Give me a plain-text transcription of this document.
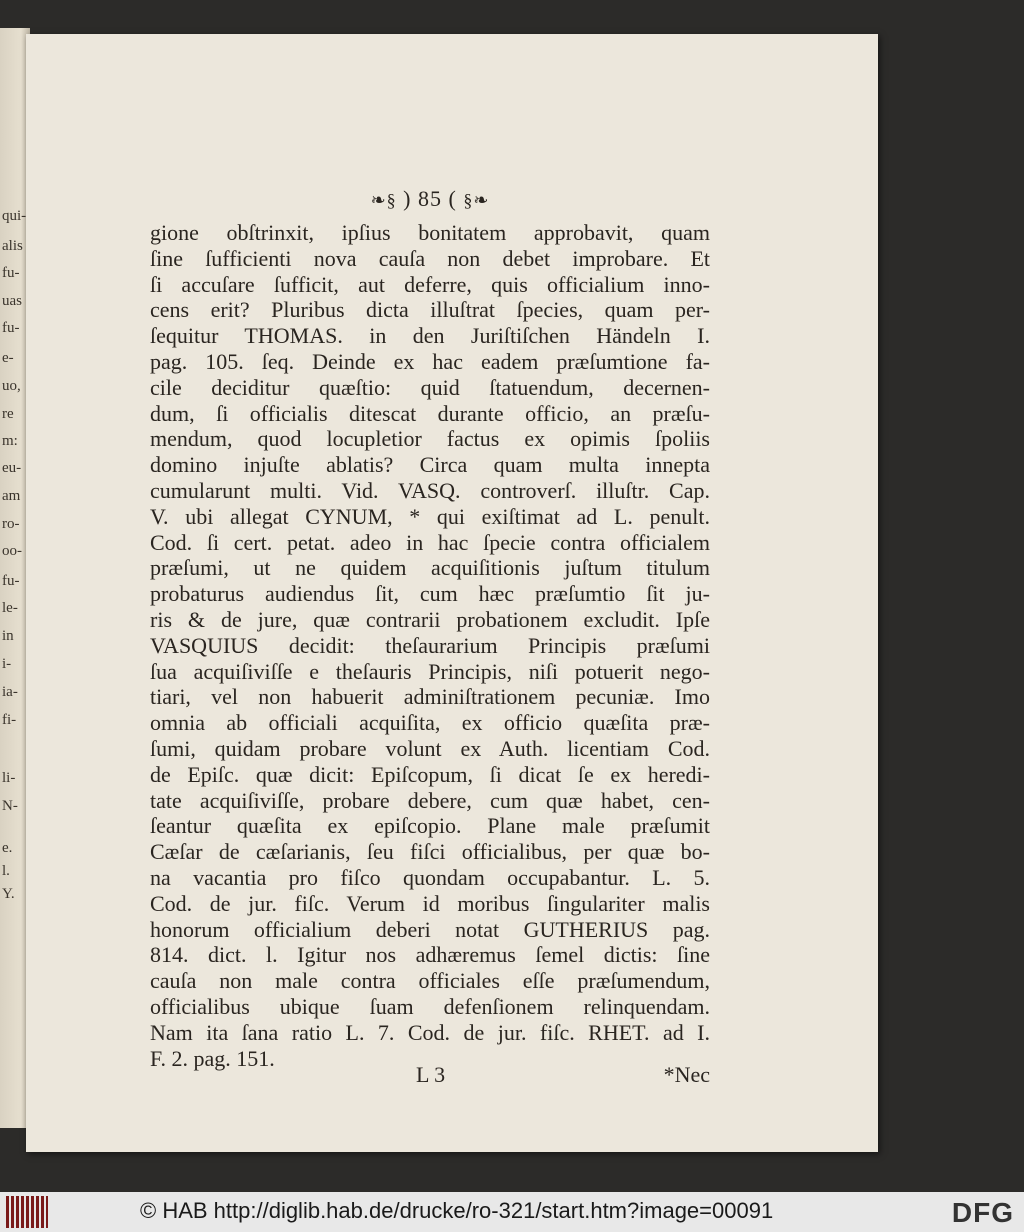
qui-
alis
fu-
uas
fu-
e-
uo,
re
m:
eu-
am
ro-
oo-
fu-
le-
in
i-
ia-
fi-
li-
N-
e.
l.
Y.
❧§ ) 85 ( §❧
gione obſtrinxit, ipſius bonitatem approbavit, quam
ſine ſufficienti nova cauſa non debet improbare. Et
ſi accuſare ſufficit, aut deferre, quis officialium inno-
cens erit? Pluribus dicta illuſtrat ſpecies, quam per-
ſequitur THOMAS. in den Juriſtiſchen Händeln I.
pag. 105. ſeq. Deinde ex hac eadem præſumtione fa-
cile deciditur quæſtio: quid ſtatuendum, decernen-
dum, ſi officialis ditescat durante officio, an præſu-
mendum, quod locupletior factus ex opimis ſpoliis
domino injuſte ablatis? Circa quam multa innepta
cumularunt multi. Vid. VASQ. controverſ. illuſtr. Cap.
V. ubi allegat CYNUM, * qui exiſtimat ad L. penult.
Cod. ſi cert. petat. adeo in hac ſpecie contra officialem
præſumi, ut ne quidem acquiſitionis juſtum titulum
probaturus audiendus ſit, cum hæc præſumtio ſit ju-
ris & de jure, quæ contrarii probationem excludit. Ipſe
VASQUIUS decidit: theſaurarium Principis præſumi
ſua acquiſiviſſe e theſauris Principis, niſi potuerit nego-
tiari, vel non habuerit adminiſtrationem pecuniæ. Imo
omnia ab officiali acquiſita, ex officio quæſita præ-
ſumi, quidam probare volunt ex Auth. licentiam Cod.
de Epiſc. quæ dicit: Epiſcopum, ſi dicat ſe ex heredi-
tate acquiſiviſſe, probare debere, cum quæ habet, cen-
ſeantur quæſita ex epiſcopio. Plane male præſumit
Cæſar de cæſarianis, ſeu fiſci officialibus, per quæ bo-
na vacantia pro fiſco quondam occupabantur. L. 5.
Cod. de jur. fiſc. Verum id moribus ſingulariter malis
honorum officialium deberi notat GUTHERIUS pag.
814. dict. l. Igitur nos adhæremus ſemel dictis: ſine
cauſa non male contra officiales eſſe præſumendum,
officialibus ubique ſuam defenſionem relinquendam.
Nam ita ſana ratio L. 7. Cod. de jur. fiſc. RHET. ad I.
F. 2. pag. 151.
L 3	*Nec
© HAB http://diglib.hab.de/drucke/ro-321/start.htm?image=00091	DFG
